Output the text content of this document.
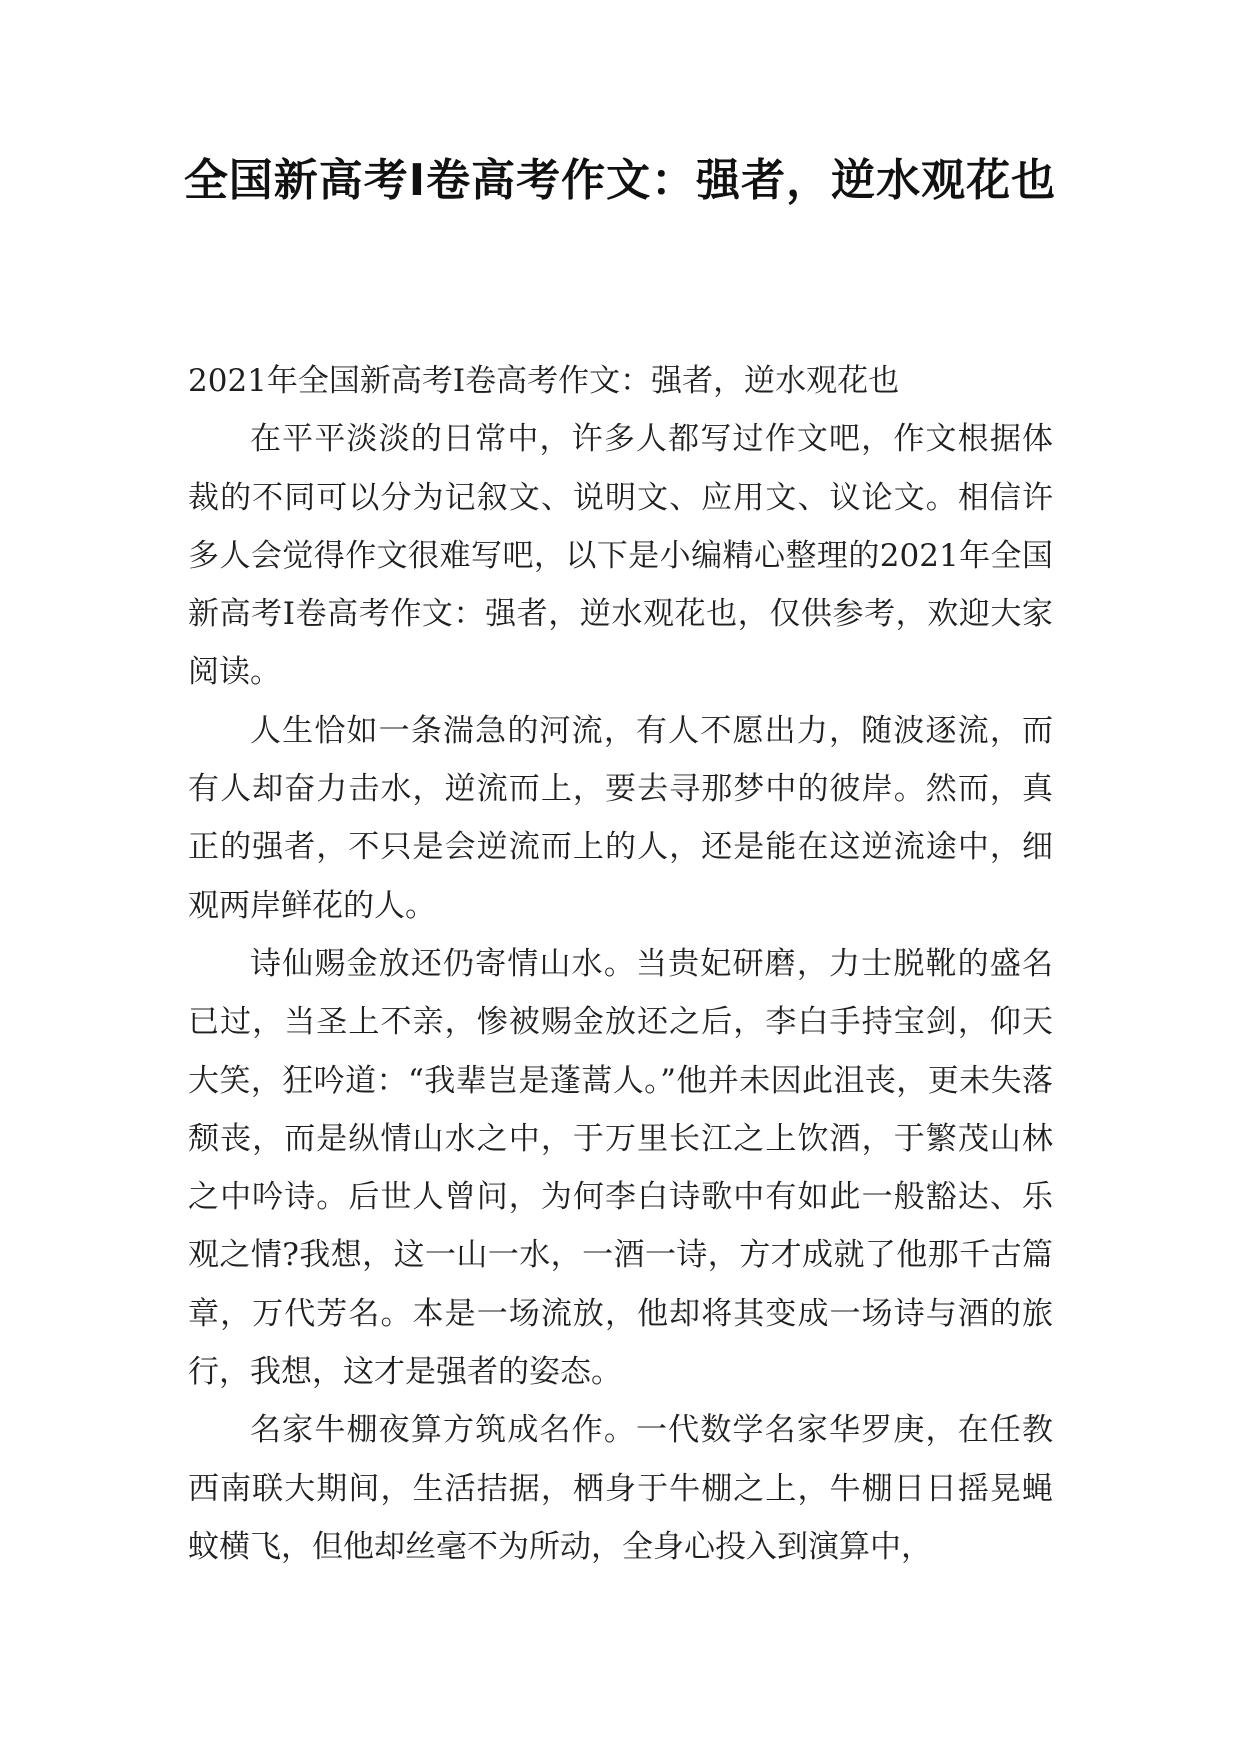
全国新高考Ⅰ卷高考作文：强者，逆水观花也

2021年全国新高考Ⅰ卷高考作文：强者，逆水观花也

在平平淡淡的日常中，许多人都写过作文吧，作文根据体裁的不同可以分为记叙文、说明文、应用文、议论文。相信许多人会觉得作文很难写吧，以下是小编精心整理的2021年全国新高考Ⅰ卷高考作文：强者，逆水观花也，仅供参考，欢迎大家阅读。

人生恰如一条湍急的河流，有人不愿出力，随波逐流，而有人却奋力击水，逆流而上，要去寻那梦中的彼岸。然而，真正的强者，不只是会逆流而上的人，还是能在这逆流途中，细观两岸鲜花的人。

诗仙赐金放还仍寄情山水。当贵妃研磨，力士脱靴的盛名已过，当圣上不亲，惨被赐金放还之后，李白手持宝剑，仰天大笑，狂吟道：“我辈岂是蓬蒿人。”他并未因此沮丧，更未失落颓丧，而是纵情山水之中，于万里长江之上饮酒，于繁茂山林之中吟诗。后世人曾问，为何李白诗歌中有如此一般豁达、乐观之情?我想，这一山一水，一酒一诗，方才成就了他那千古篇章，万代芳名。本是一场流放，他却将其变成一场诗与酒的旅行，我想，这才是强者的姿态。

名家牛棚夜算方筑成名作。一代数学名家华罗庚，在任教西南联大期间，生活拮据，栖身于牛棚之上，牛棚日日摇晃蝇蚊横飞，但他却丝毫不为所动，全身心投入到演算中，
